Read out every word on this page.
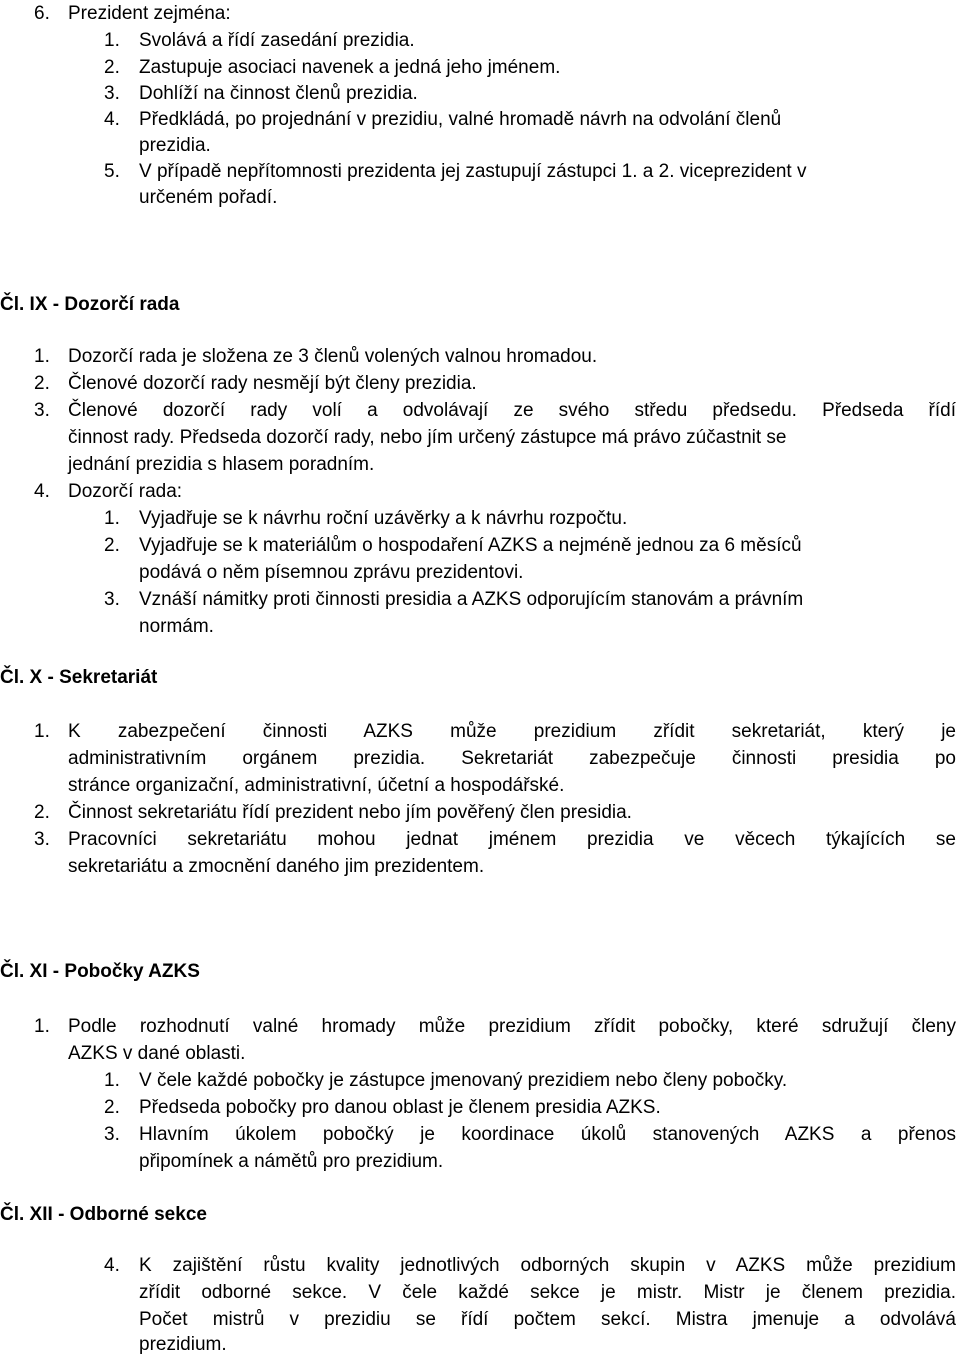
6. Prezident zejména:
1. Svolává a řídí zasedání prezidia.
2. Zastupuje asociaci navenek a jedná jeho jménem.
3. Dohlíží na činnost členů prezidia.
4. Předkládá, po projednání v prezidiu, valné hromadě návrh na odvolání členů
prezidia.
5. V případě nepřítomnosti prezidenta jej zastupují zástupci 1. a 2. viceprezident v
určeném pořadí.
Čl. IX - Dozorčí rada
1. Dozorčí rada je složena ze 3 členů volených valnou hromadou.
2. Členové dozorčí rady nesmějí být členy prezidia.
3. Členové dozorčí rady volí a odvolávají ze svého středu předsedu. Předseda řídí
činnost rady. Předseda dozorčí rady, nebo jím určený zástupce má právo zúčastnit se
jednání prezidia s hlasem poradním.
4. Dozorčí rada:
1. Vyjadřuje se k návrhu roční uzávěrky a k návrhu rozpočtu.
2. Vyjadřuje se k materiálům o hospodaření AZKS a nejméně jednou za 6 měsíců
podává o něm písemnou zprávu prezidentovi.
3. Vznáší námitky proti činnosti presidia a AZKS odporujícím stanovám a právním
normám.
Čl. X - Sekretariát
1. K zabezpečení činnosti AZKS může prezidium zřídit sekretariát, který je
administrativním orgánem prezidia. Sekretariát zabezpečuje činnosti presidia po
stránce organizační, administrativní, účetní a hospodářské.
2. Činnost sekretariátu řídí prezident nebo jím pověřený člen presidia.
3. Pracovníci sekretariátu mohou jednat jménem prezidia ve věcech týkajících se
sekretariátu a zmocnění daného jim prezidentem.
Čl. XI - Pobočky AZKS
1. Podle rozhodnutí valné hromady může prezidium zřídit pobočky, které sdružují členy
AZKS v dané oblasti.
1. V čele každé pobočky je zástupce jmenovaný prezidiem nebo členy pobočky.
2. Předseda pobočky pro danou oblast je členem presidia AZKS.
3. Hlavním úkolem pobočký je koordinace úkolů stanovených AZKS a přenos
připomínek a námětů pro prezidium.
Čl. XII - Odborné sekce
4. K zajištění růstu kvality jednotlivých odborných skupin v AZKS může prezidium
zřídit odborné sekce. V čele každé sekce je mistr. Mistr je členem prezidia.
Počet mistrů v prezidiu se řídí počtem sekcí. Mistra jmenuje a odvolává
prezidium.
